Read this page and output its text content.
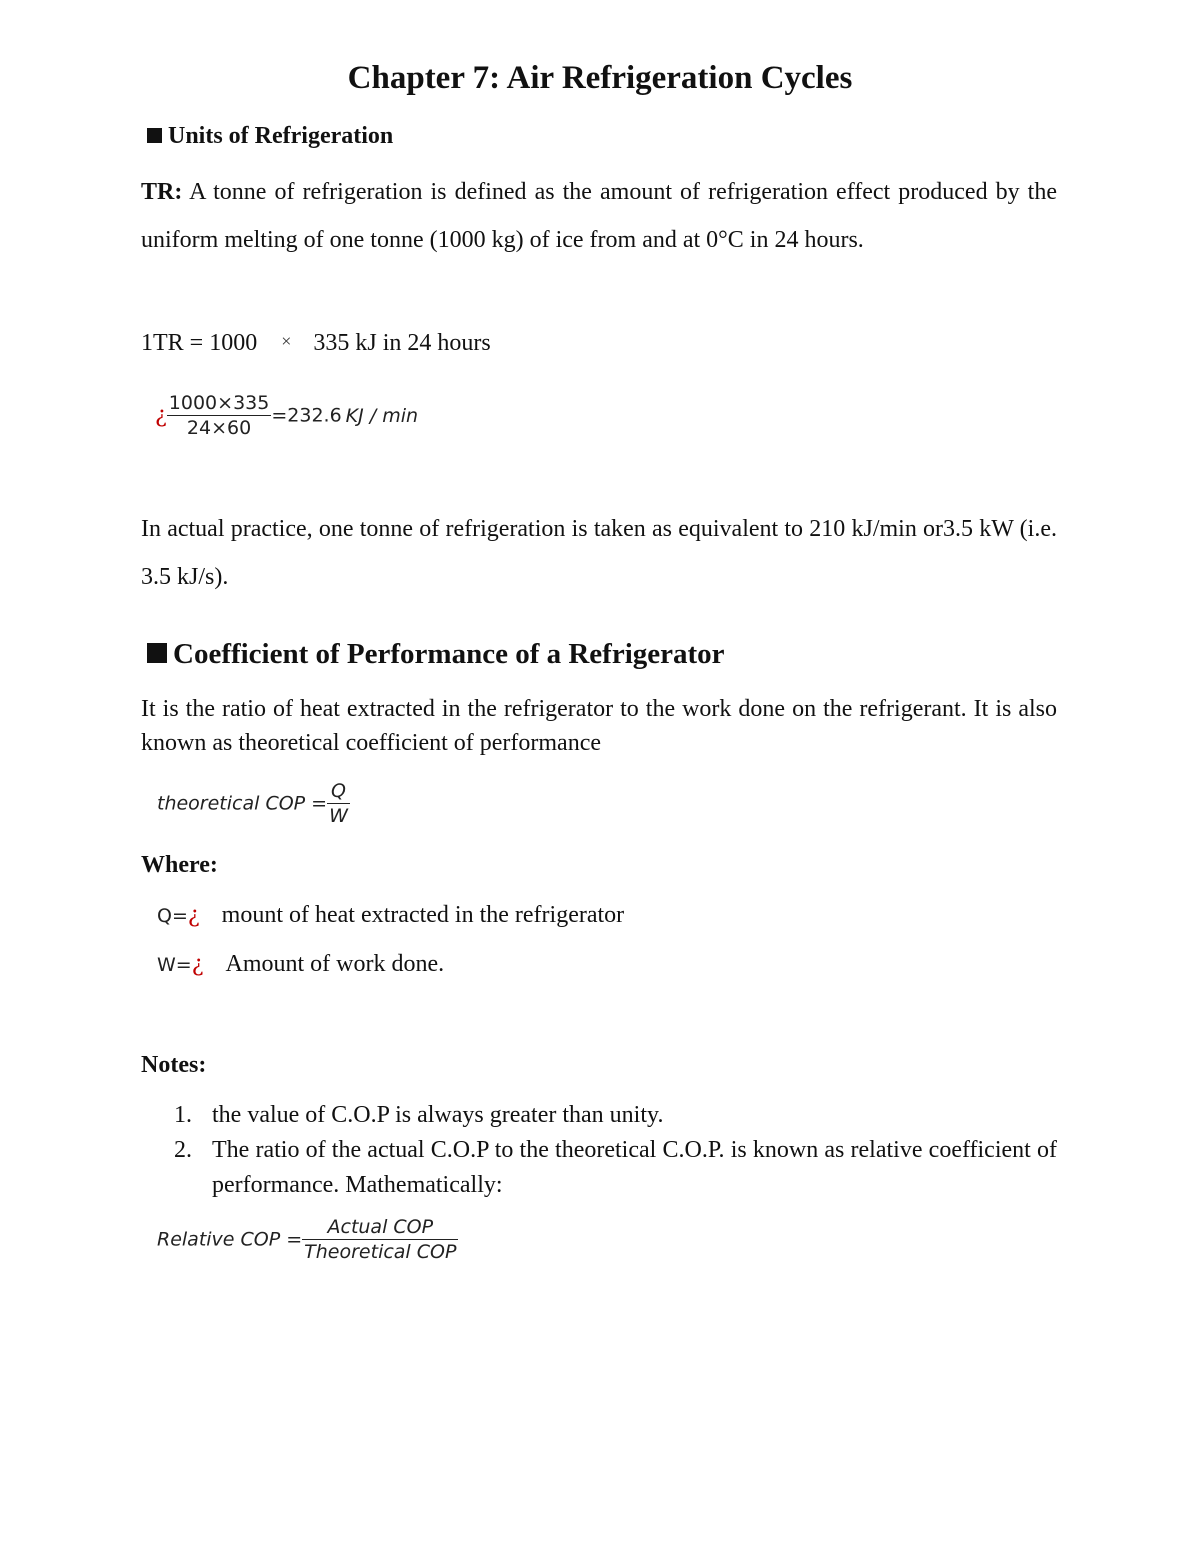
Chapter 7: Air Refrigeration Cycles
Units of Refrigeration
TR: A tonne of refrigeration is defined as the amount of refrigeration effect produced by the uniform melting of one tonne (1000 kg) of ice from and at 0°C in 24 hours.
1TR = 1000 × 335 kJ in 24 hours
¿ $\frac{1000\times 335}{24\times 60} =232.6$ KJ / min
In actual practice, one tonne of refrigeration is taken as equivalent to 210 kJ/min or3.5 kW (i.e. 3.5 kJ/s).
Coefficient of Performance of a Refrigerator
It is the ratio of heat extracted in the refrigerator to the work done on the refrigerant. It is also known as theoretical coefficient of performance
theoretical COP = $\frac{Q}{W}$
Where:
Q=¿ mount of heat extracted in the refrigerator
W=¿ Amount of work done.
Notes:
1. the value of C.O.P is always greater than unity.
2. The ratio of the actual C.O.P to the theoretical C.O.P. is known as relative coefficient of performance. Mathematically:
Relative COP = $\frac{\text{Actual COP}}{\text{Theoretical COP}}$
